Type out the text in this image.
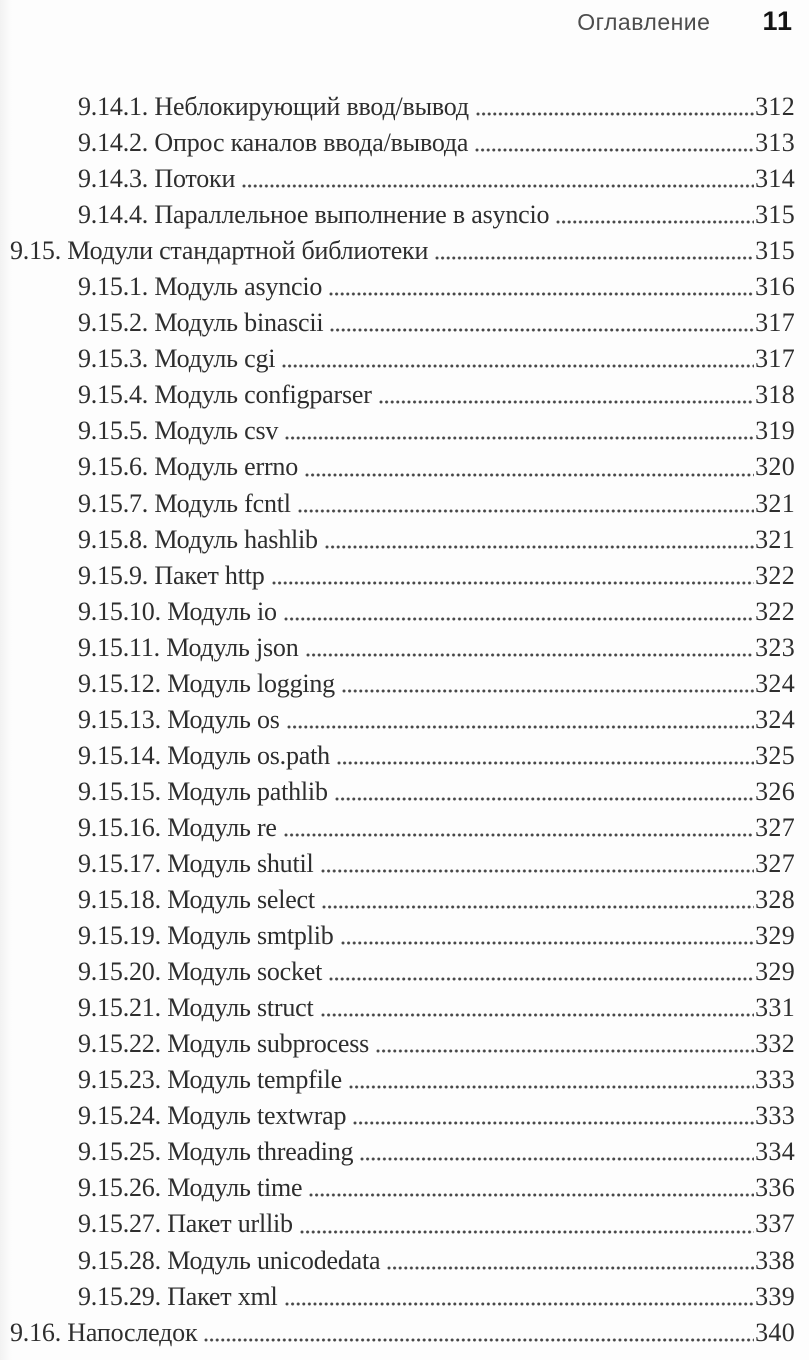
Оглавление 11
9.14.1. Неблокирующий ввод/вывод	312
9.14.2. Опрос каналов ввода/вывода	313
9.14.3. Потоки	314
9.14.4. Параллельное выполнение в asyncio	315
9.15. Модули стандартной библиотеки	315
9.15.1. Модуль asyncio	316
9.15.2. Модуль binascii	317
9.15.3. Модуль cgi	317
9.15.4. Модуль configparser	318
9.15.5. Модуль csv	319
9.15.6. Модуль errno	320
9.15.7. Модуль fcntl	321
9.15.8. Модуль hashlib	321
9.15.9. Пакет http	322
9.15.10. Модуль io	322
9.15.11. Модуль json	323
9.15.12. Модуль logging	324
9.15.13. Модуль os	324
9.15.14. Модуль os.path	325
9.15.15. Модуль pathlib	326
9.15.16. Модуль re	327
9.15.17. Модуль shutil	327
9.15.18. Модуль select	328
9.15.19. Модуль smtplib	329
9.15.20. Модуль socket	329
9.15.21. Модуль struct	331
9.15.22. Модуль subprocess	332
9.15.23. Модуль tempfile	333
9.15.24. Модуль textwrap	333
9.15.25. Модуль threading	334
9.15.26. Модуль time	336
9.15.27. Пакет urllib	337
9.15.28. Модуль unicodedata	338
9.15.29. Пакет xml	339
9.16. Напоследок	340
